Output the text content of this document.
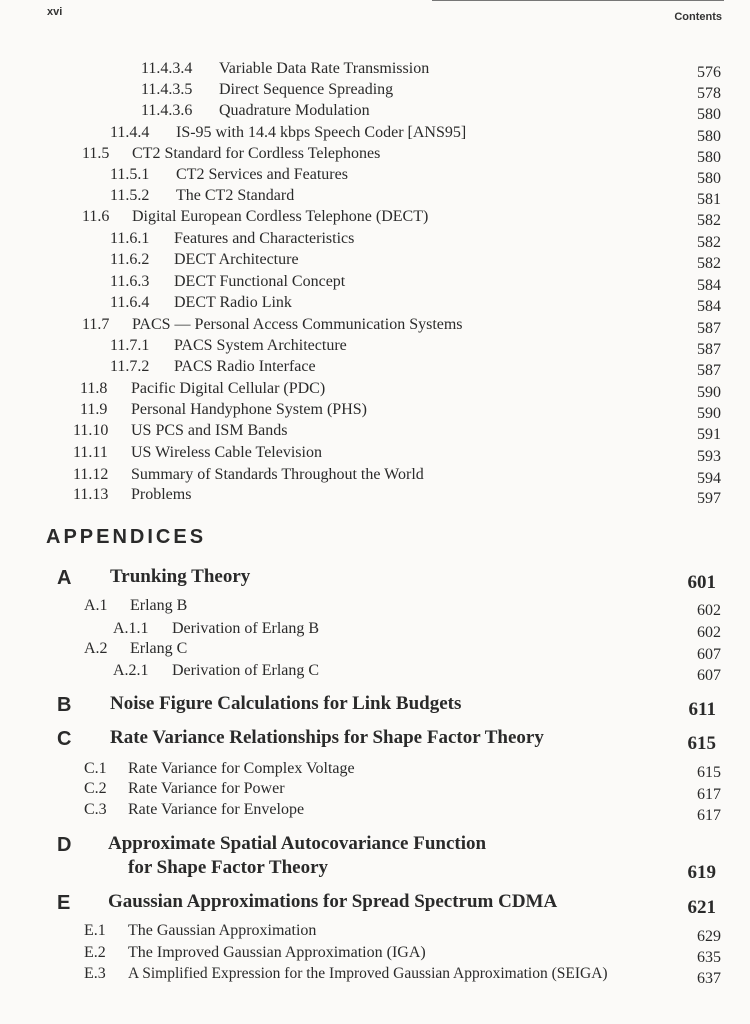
xvi	Contents
11.4.3.4 Variable Data Rate Transmission	576
11.4.3.5 Direct Sequence Spreading	578
11.4.3.6 Quadrature Modulation	580
11.4.4 IS-95 with 14.4 kbps Speech Coder [ANS95]	580
11.5 CT2 Standard for Cordless Telephones	580
11.5.1 CT2 Services and Features	580
11.5.2 The CT2 Standard	581
11.6 Digital European Cordless Telephone (DECT)	582
11.6.1 Features and Characteristics	582
11.6.2 DECT Architecture	582
11.6.3 DECT Functional Concept	584
11.6.4 DECT Radio Link	584
11.7 PACS — Personal Access Communication Systems	587
11.7.1 PACS System Architecture	587
11.7.2 PACS Radio Interface	587
11.8 Pacific Digital Cellular (PDC)	590
11.9 Personal Handyphone System (PHS)	590
11.10 US PCS and ISM Bands	591
11.11 US Wireless Cable Television	593
11.12 Summary of Standards Throughout the World	594
11.13 Problems	597
APPENDICES
A Trunking Theory	601
A.1 Erlang B	602
A.1.1 Derivation of Erlang B	602
A.2 Erlang C	607
A.2.1 Derivation of Erlang C	607
B Noise Figure Calculations for Link Budgets	611
C Rate Variance Relationships for Shape Factor Theory	615
C.1 Rate Variance for Complex Voltage	615
C.2 Rate Variance for Power	617
C.3 Rate Variance for Envelope	617
D Approximate Spatial Autocovariance Function
for Shape Factor Theory	619
E Gaussian Approximations for Spread Spectrum CDMA	621
E.1 The Gaussian Approximation	629
E.2 The Improved Gaussian Approximation (IGA)	635
E.3 A Simplified Expression for the Improved Gaussian Approximation (SEIGA)	637
